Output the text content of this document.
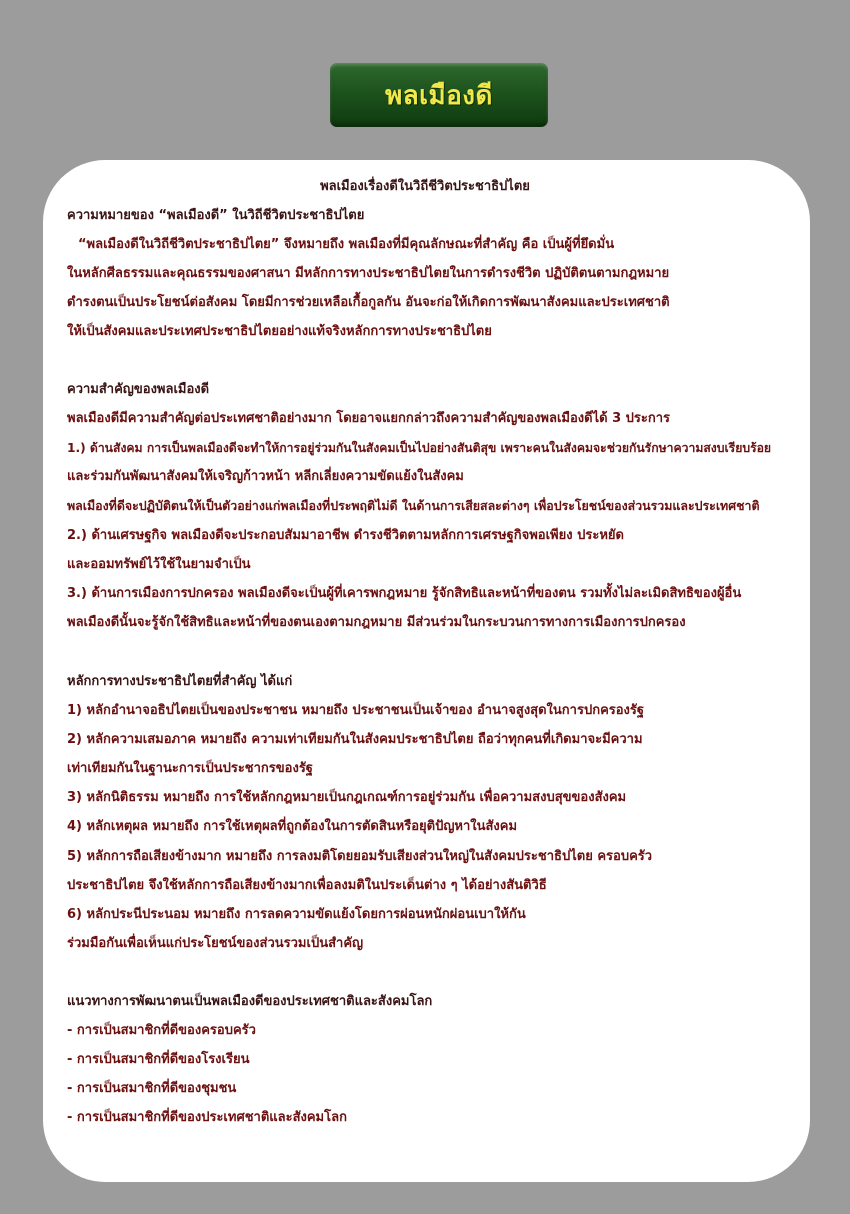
พลเมืองดี
พลเมืองเรื่องดีในวิถีชีวิตประชาธิปไตย
ความหมายของ “พลเมืองดี” ในวิถีชีวิตประชาธิปไตย
“พลเมืองดีในวิถีชีวิตประชาธิปไตย” จึงหมายถึง พลเมืองที่มีคุณลักษณะที่สำคัญ คือ เป็นผู้ที่ยึดมั่น
ในหลักศีลธรรมและคุณธรรมของศาสนา มีหลักการทางประชาธิปไตยในการดำรงชีวิต ปฏิบัติตนตามกฎหมาย
ดำรงตนเป็นประโยชน์ต่อสังคม โดยมีการช่วยเหลือเกื้อกูลกัน อันจะก่อให้เกิดการพัฒนาสังคมและประเทศชาติ
ให้เป็นสังคมและประเทศประชาธิปไตยอย่างแท้จริงหลักการทางประชาธิปไตย
ความสำคัญของพลเมืองดี
พลเมืองดีมีความสำคัญต่อประเทศชาติอย่างมาก โดยอาจแยกกล่าวถึงความสำคัญของพลเมืองดีได้ 3 ประการ
1.) ด้านสังคม การเป็นพลเมืองดีจะทำให้การอยู่ร่วมกันในสังคมเป็นไปอย่างสันติสุข เพราะคนในสังคมจะช่วยกันรักษาความสงบเรียบร้อย
และร่วมกันพัฒนาสังคมให้เจริญก้าวหน้า หลีกเลี่ยงความขัดแย้งในสังคม
พลเมืองที่ดีจะปฏิบัติตนให้เป็นตัวอย่างแก่พลเมืองที่ประพฤติไม่ดี ในด้านการเสียสละต่างๆ เพื่อประโยชน์ของส่วนรวมและประเทศชาติ
2.) ด้านเศรษฐกิจ พลเมืองดีจะประกอบสัมมาอาชีพ ดำรงชีวิตตามหลักการเศรษฐกิจพอเพียง ประหยัด
และออมทรัพย์ไว้ใช้ในยามจำเป็น
3.) ด้านการเมืองการปกครอง พลเมืองดีจะเป็นผู้ที่เคารพกฎหมาย รู้จักสิทธิและหน้าที่ของตน รวมทั้งไม่ละเมิดสิทธิของผู้อื่น
พลเมืองดีนั้นจะรู้จักใช้สิทธิและหน้าที่ของตนเองตามกฎหมาย มีส่วนร่วมในกระบวนการทางการเมืองการปกครอง
หลักการทางประชาธิปไตยที่สำคัญ ได้แก่
1) หลักอำนาจอธิปไตยเป็นของประชาชน หมายถึง ประชาชนเป็นเจ้าของ อำนาจสูงสุดในการปกครองรัฐ
2) หลักความเสมอภาค หมายถึง ความเท่าเทียมกันในสังคมประชาธิปไตย ถือว่าทุกคนที่เกิดมาจะมีความ
เท่าเทียมกันในฐานะการเป็นประชากรของรัฐ
3) หลักนิติธรรม หมายถึง การใช้หลักกฎหมายเป็นกฎเกณฑ์การอยู่ร่วมกัน เพื่อความสงบสุขของสังคม
4) หลักเหตุผล หมายถึง การใช้เหตุผลที่ถูกต้องในการตัดสินหรือยุติปัญหาในสังคม
5) หลักการถือเสียงข้างมาก หมายถึง การลงมติโดยยอมรับเสียงส่วนใหญ่ในสังคมประชาธิปไตย ครอบครัว
ประชาธิปไตย จึงใช้หลักการถือเสียงข้างมากเพื่อลงมติในประเด็นต่าง ๆ ได้อย่างสันติวิธี
6) หลักประนีประนอม หมายถึง การลดความขัดแย้งโดยการผ่อนหนักผ่อนเบาให้กัน
ร่วมมือกันเพื่อเห็นแก่ประโยชน์ของส่วนรวมเป็นสำคัญ
แนวทางการพัฒนาตนเป็นพลเมืองดีของประเทศชาติและสังคมโลก
- การเป็นสมาชิกที่ดีของครอบครัว
- การเป็นสมาชิกที่ดีของโรงเรียน
- การเป็นสมาชิกที่ดีของชุมชน
- การเป็นสมาชิกที่ดีของประเทศชาติและสังคมโลก
